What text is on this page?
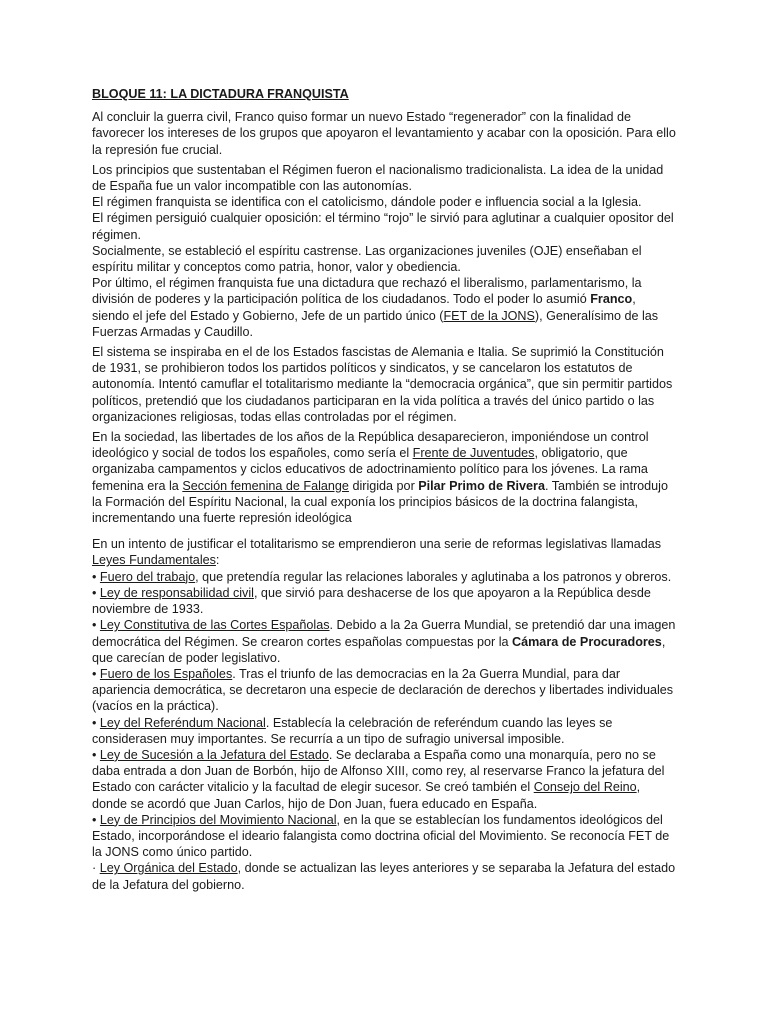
BLOQUE 11: LA DICTADURA FRANQUISTA

Al concluir la guerra civil, Franco quiso formar un nuevo Estado “regenerador” con la finalidad de favorecer los intereses de los grupos que apoyaron el levantamiento y acabar con la oposición. Para ello la represión fue crucial.

Los principios que sustentaban el Régimen fueron el nacionalismo tradicionalista. La idea de la unidad de España fue un valor incompatible con las autonomías.
El régimen franquista se identifica con el catolicismo, dándole poder e influencia social a la Iglesia.
El régimen persiguió cualquier oposición: el término “rojo” le sirvió para aglutinar a cualquier opositor del régimen.
Socialmente, se estableció el espíritu castrense. Las organizaciones juveniles (OJE) enseñaban el espíritu militar y conceptos como patria, honor, valor y obediencia.
Por último, el régimen franquista fue una dictadura que rechazó el liberalismo, parlamentarismo, la división de poderes y la participación política de los ciudadanos. Todo el poder lo asumió Franco, siendo el jefe del Estado y Gobierno, Jefe de un partido único (FET de la JONS), Generalísimo de las Fuerzas Armadas y Caudillo.

El sistema se inspiraba en el de los Estados fascistas de Alemania e Italia. Se suprimió la Constitución de 1931, se prohibieron todos los partidos políticos y sindicatos, y se cancelaron los estatutos de autonomía. Intentó camuflar el totalitarismo mediante la “democracia orgánica”, que sin permitir partidos políticos, pretendió que los ciudadanos participaran en la vida política a través del único partido o las organizaciones religiosas, todas ellas controladas por el régimen.

En la sociedad, las libertades de los años de la República desaparecieron, imponiéndose un control ideológico y social de todos los españoles, como sería el Frente de Juventudes, obligatorio, que organizaba campamentos y ciclos educativos de adoctrinamiento político para los jóvenes. La rama femenina era la Sección femenina de Falange dirigida por Pilar Primo de Rivera. También se introdujo la Formación del Espíritu Nacional, la cual exponía los principios básicos de la doctrina falangista, incrementando una fuerte represión ideológica

En un intento de justificar el totalitarismo se emprendieron una serie de reformas legislativas llamadas Leyes Fundamentales:
• Fuero del trabajo, que pretendía regular las relaciones laborales y aglutinaba a los patronos y obreros.
• Ley de responsabilidad civil, que sirvió para deshacerse de los que apoyaron a la República desde noviembre de 1933.
• Ley Constitutiva de las Cortes Españolas. Debido a la 2a Guerra Mundial, se pretendió dar una imagen democrática del Régimen. Se crearon cortes españolas compuestas por la Cámara de Procuradores, que carecían de poder legislativo.
• Fuero de los Españoles. Tras el triunfo de las democracias en la 2a Guerra Mundial, para dar apariencia democrática, se decretaron una especie de declaración de derechos y libertades individuales (vacíos en la práctica).
• Ley del Referéndum Nacional. Establecía la celebración de referéndum cuando las leyes se considerasen muy importantes. Se recurría a un tipo de sufragio universal imposible.
• Ley de Sucesión a la Jefatura del Estado. Se declaraba a España como una monarquía, pero no se daba entrada a don Juan de Borbón, hijo de Alfonso XIII, como rey, al reservarse Franco la jefatura del Estado con carácter vitalicio y la facultad de elegir sucesor. Se creó también el Consejo del Reino, donde se acordó que Juan Carlos, hijo de Don Juan, fuera educado en España.
• Ley de Principios del Movimiento Nacional, en la que se establecían los fundamentos ideológicos del Estado, incorporándose el ideario falangista como doctrina oficial del Movimiento. Se reconocía FET de la JONS como único partido.
· Ley Orgánica del Estado, donde se actualizan las leyes anteriores y se separaba la Jefatura del estado de la Jefatura del gobierno.
